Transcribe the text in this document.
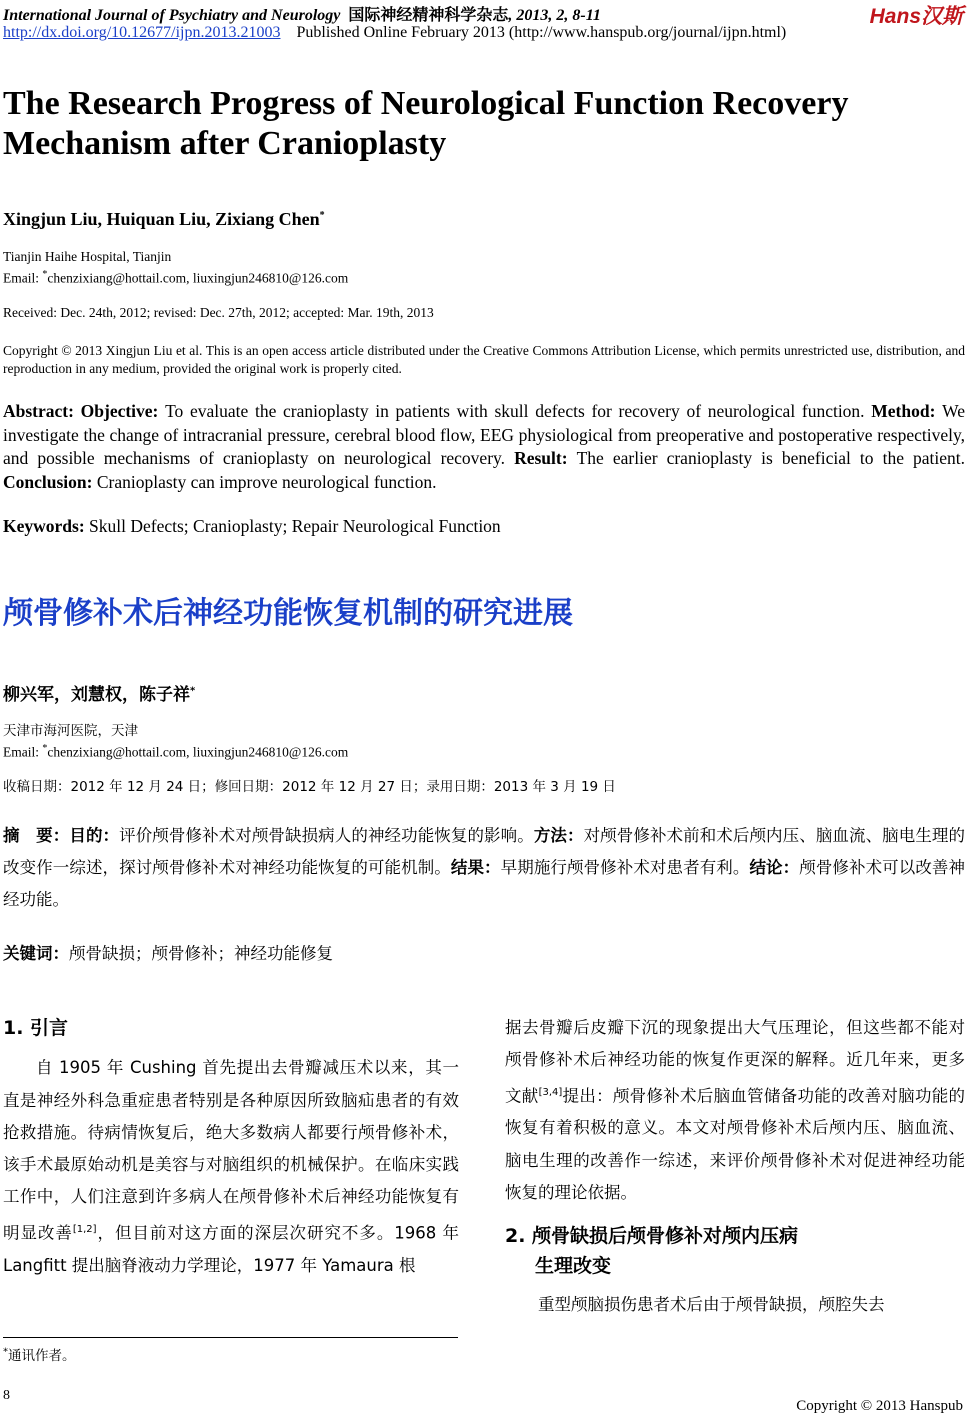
International Journal of Psychiatry and Neurology 国际神经精神科学杂志, 2013, 2, 8-11	Hans汉斯
http://dx.doi.org/10.12677/ijpn.2013.21003 Published Online February 2013 (http://www.hanspub.org/journal/ijpn.html)
The Research Progress of Neurological Function Recovery Mechanism after Cranioplasty
Xingjun Liu, Huiquan Liu, Zixiang Chen*
Tianjin Haihe Hospital, Tianjin
Email: *chenzixiang@hottail.com, liuxingjun246810@126.com
Received: Dec. 24th, 2012; revised: Dec. 27th, 2012; accepted: Mar. 19th, 2013
Copyright © 2013 Xingjun Liu et al. This is an open access article distributed under the Creative Commons Attribution License, which permits unrestricted use, distribution, and reproduction in any medium, provided the original work is properly cited.
Abstract: Objective: To evaluate the cranioplasty in patients with skull defects for recovery of neurological function. Method: We investigate the change of intracranial pressure, cerebral blood flow, EEG physiological from preoperative and postoperative respectively, and possible mechanisms of cranioplasty on neurological recovery. Result: The earlier cranioplasty is beneficial to the patient. Conclusion: Cranioplasty can improve neurological function.
Keywords: Skull Defects; Cranioplasty; Repair Neurological Function
颅骨修补术后神经功能恢复机制的研究进展
柳兴军，刘慧权，陈子祥*
天津市海河医院，天津
Email: *chenzixiang@hottail.com, liuxingjun246810@126.com
收稿日期：2012 年 12 月 24 日；修回日期：2012 年 12 月 27 日；录用日期：2013 年 3 月 19 日
摘　要：目的：评价颅骨修补术对颅骨缺损病人的神经功能恢复的影响。方法：对颅骨修补术前和术后颅内压、脑血流、脑电生理的改变作一综述，探讨颅骨修补术对神经功能恢复的可能机制。结果：早期施行颅骨修补术对患者有利。结论：颅骨修补术可以改善神经功能。
关键词：颅骨缺损；颅骨修补；神经功能修复
1. 引言

自 1905 年 Cushing 首先提出去骨瓣减压术以来，其一直是神经外科急重症患者特别是各种原因所致脑疝患者的有效抢救措施。待病情恢复后，绝大多数病人都要行颅骨修补术，该手术最原始动机是美容与对脑组织的机械保护。在临床实践工作中，人们注意到许多病人在颅骨修补术后神经功能恢复有明显改善[1,2]，但目前对这方面的深层次研究不多。1968 年 Langfitt 提出脑脊液动力学理论，1977 年 Yamaura 根

据去骨瓣后皮瓣下沉的现象提出大气压理论，但这些都不能对颅骨修补术后神经功能的恢复作更深的解释。近几年来，更多文献[3,4]提出：颅骨修补术后脑血管储备功能的改善对脑功能的恢复有着积极的意义。本文对颅骨修补术后颅内压、脑血流、脑电生理的改善作一综述，来评价颅骨修补术对促进神经功能恢复的理论依据。

2. 颅骨缺损后颅骨修补对颅内压病
生理改变

重型颅脑损伤患者术后由于颅骨缺损，颅腔失去

*通讯作者。
8
Copyright © 2013 Hanspub
